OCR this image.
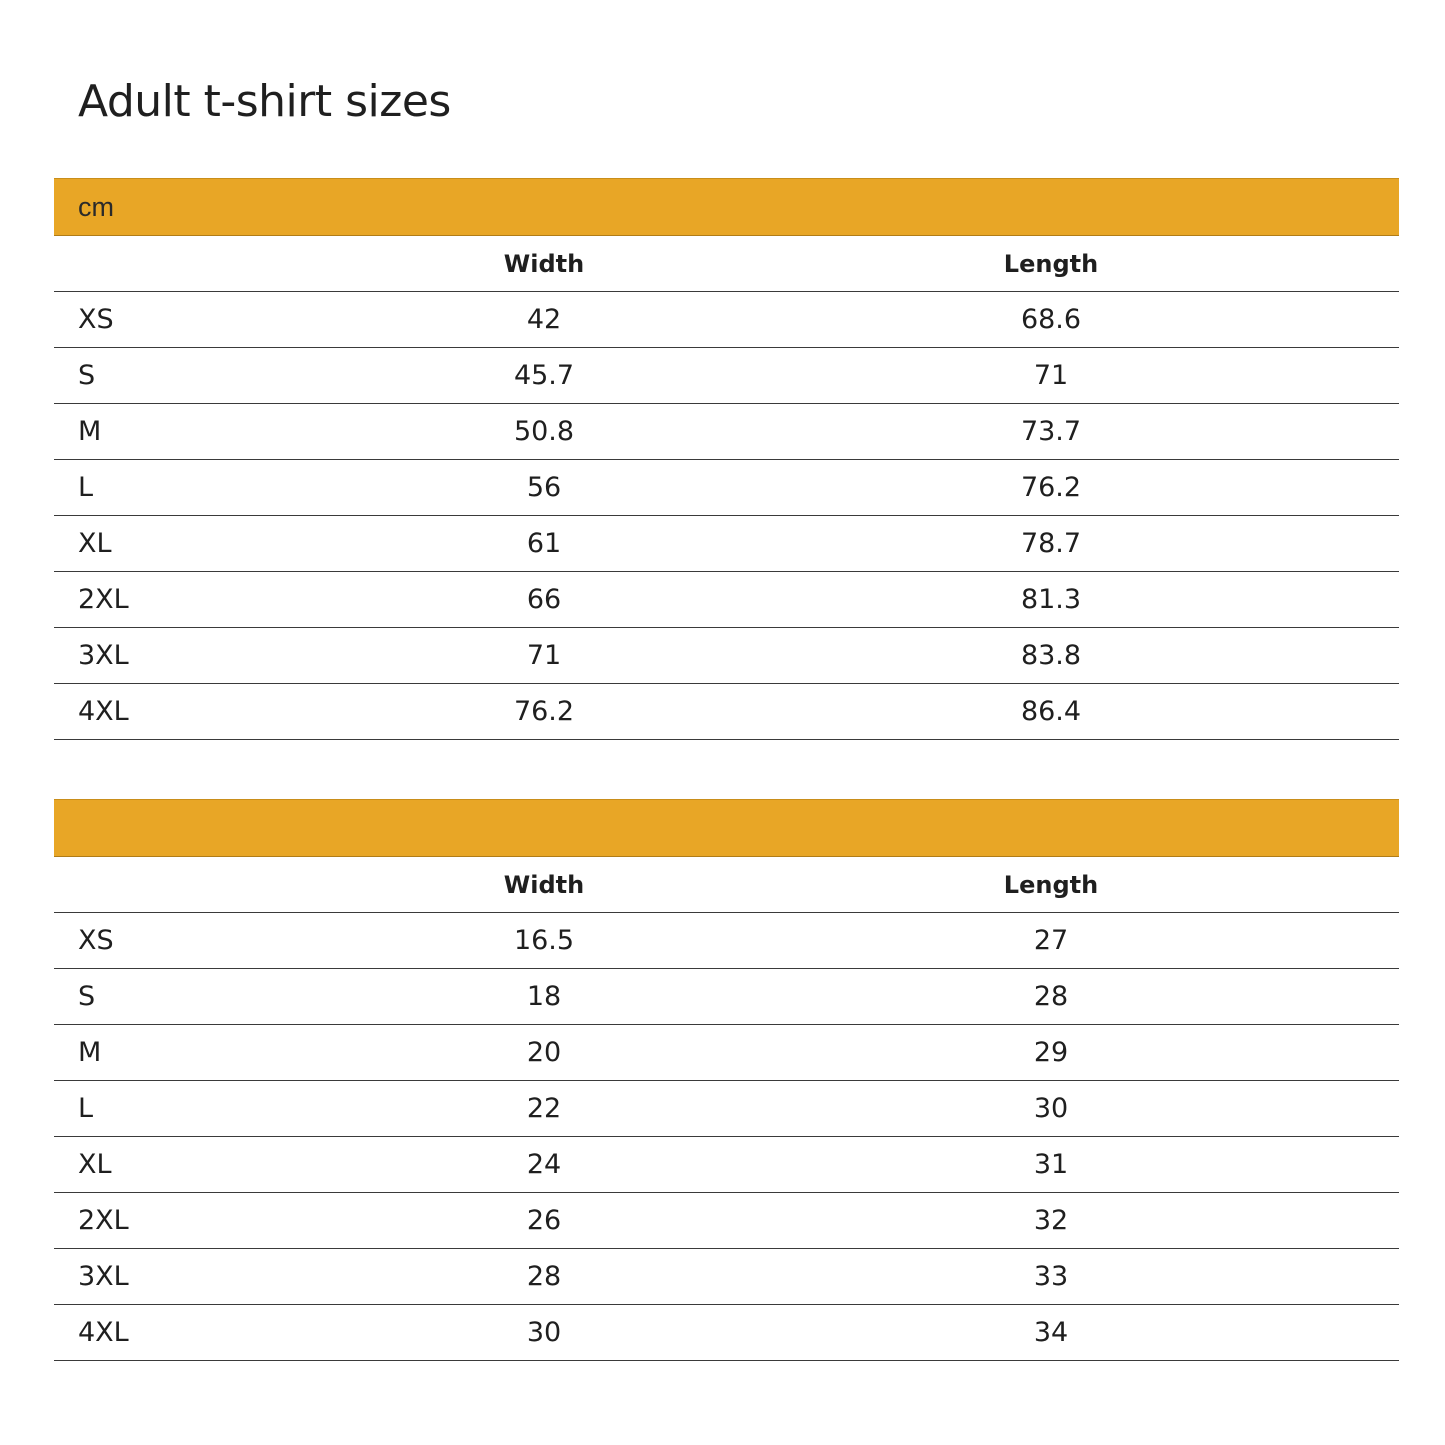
Adult t-shirt sizes
cm			
	Width	Length	
XS	42	68.6	
S	45.7	71	
M	50.8	73.7	
L	56	76.2	
XL	61	78.7	
2XL	66	81.3	
3XL	71	83.8	
4XL	76.2	86.4	

	Width	Length	
XS	16.5	27	
S	18	28	
M	20	29	
L	22	30	
XL	24	31	
2XL	26	32	
3XL	28	33	
4XL	30	34	
